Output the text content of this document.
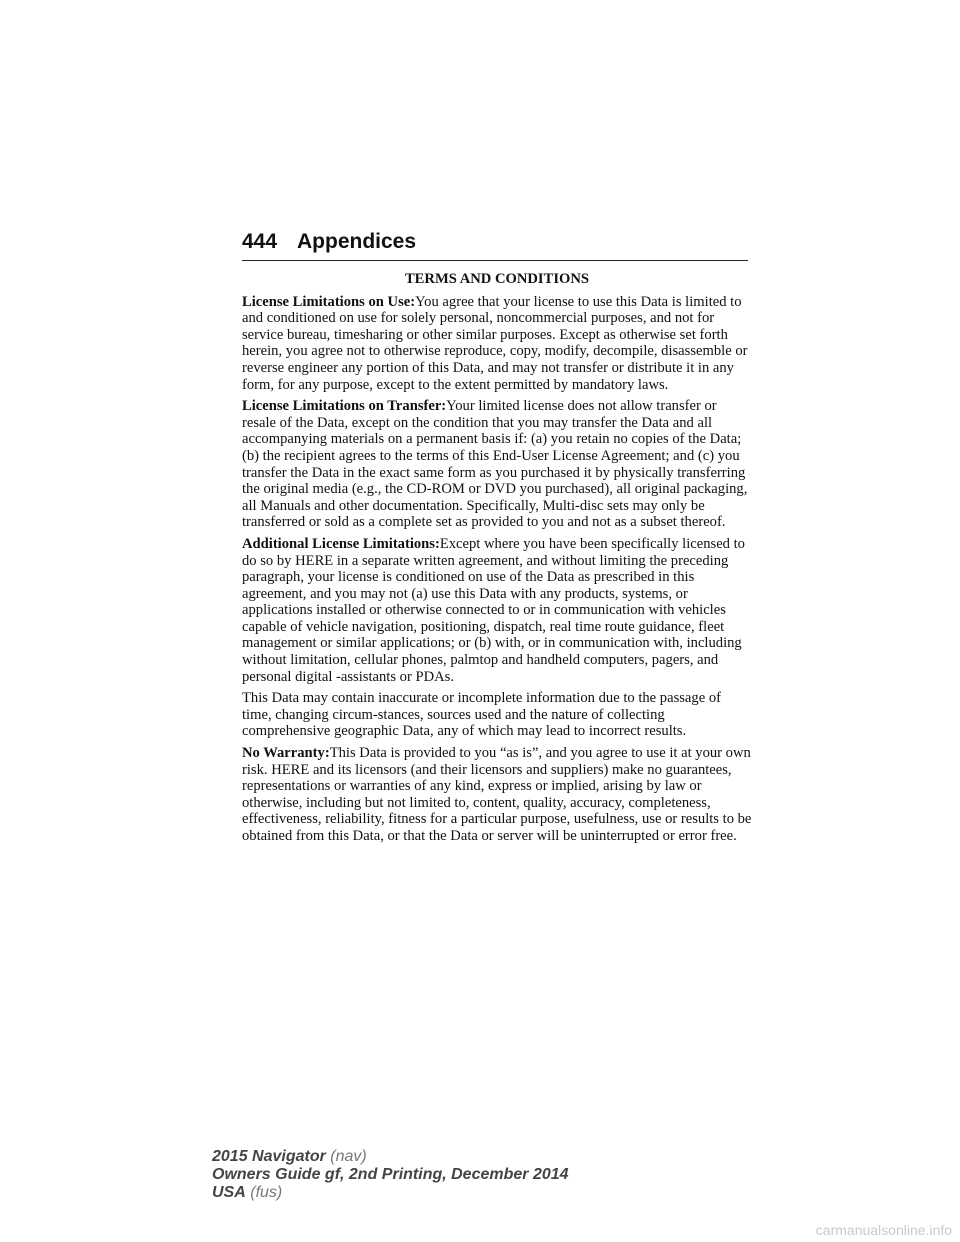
444 Appendices
TERMS AND CONDITIONS

License Limitations on Use:You agree that your license to use this Data is limited to and conditioned on use for solely personal, noncommercial purposes, and not for service bureau, timesharing or other similar purposes. Except as otherwise set forth herein, you agree not to otherwise reproduce, copy, modify, decompile, disassemble or reverse engineer any portion of this Data, and may not transfer or distribute it in any form, for any purpose, except to the extent permitted by mandatory laws.

License Limitations on Transfer:Your limited license does not allow transfer or resale of the Data, except on the condition that you may transfer the Data and all accompanying materials on a permanent basis if: (a) you retain no copies of the Data; (b) the recipient agrees to the terms of this End-User License Agreement; and (c) you transfer the Data in the exact same form as you purchased it by physically transferring the original media (e.g., the CD-ROM or DVD you purchased), all original packaging, all Manuals and other documentation. Specifically, Multi-disc sets may only be transferred or sold as a complete set as provided to you and not as a subset thereof.

Additional License Limitations:Except where you have been specifically licensed to do so by HERE in a separate written agreement, and without limiting the preceding paragraph, your license is conditioned on use of the Data as prescribed in this agreement, and you may not (a) use this Data with any products, systems, or applications installed or otherwise connected to or in communication with vehicles capable of vehicle navigation, positioning, dispatch, real time route guidance, fleet management or similar applications; or (b) with, or in communication with, including without limitation, cellular phones, palmtop and handheld computers, pagers, and personal digital -assistants or PDAs.

This Data may contain inaccurate or incomplete information due to the passage of time, changing circum-stances, sources used and the nature of collecting comprehensive geographic Data, any of which may lead to incorrect results.

No Warranty:This Data is provided to you “as is”, and you agree to use it at your own risk. HERE and its licensors (and their licensors and suppliers) make no guarantees, representations or warranties of any kind, express or implied, arising by law or otherwise, including but not limited to, content, quality, accuracy, completeness, effectiveness, reliability, fitness for a particular purpose, usefulness, use or results to be obtained from this Data, or that the Data or server will be uninterrupted or error free.

2015 Navigator (nav)
Owners Guide gf, 2nd Printing, December 2014
USA (fus)
carmanualsonline.info
